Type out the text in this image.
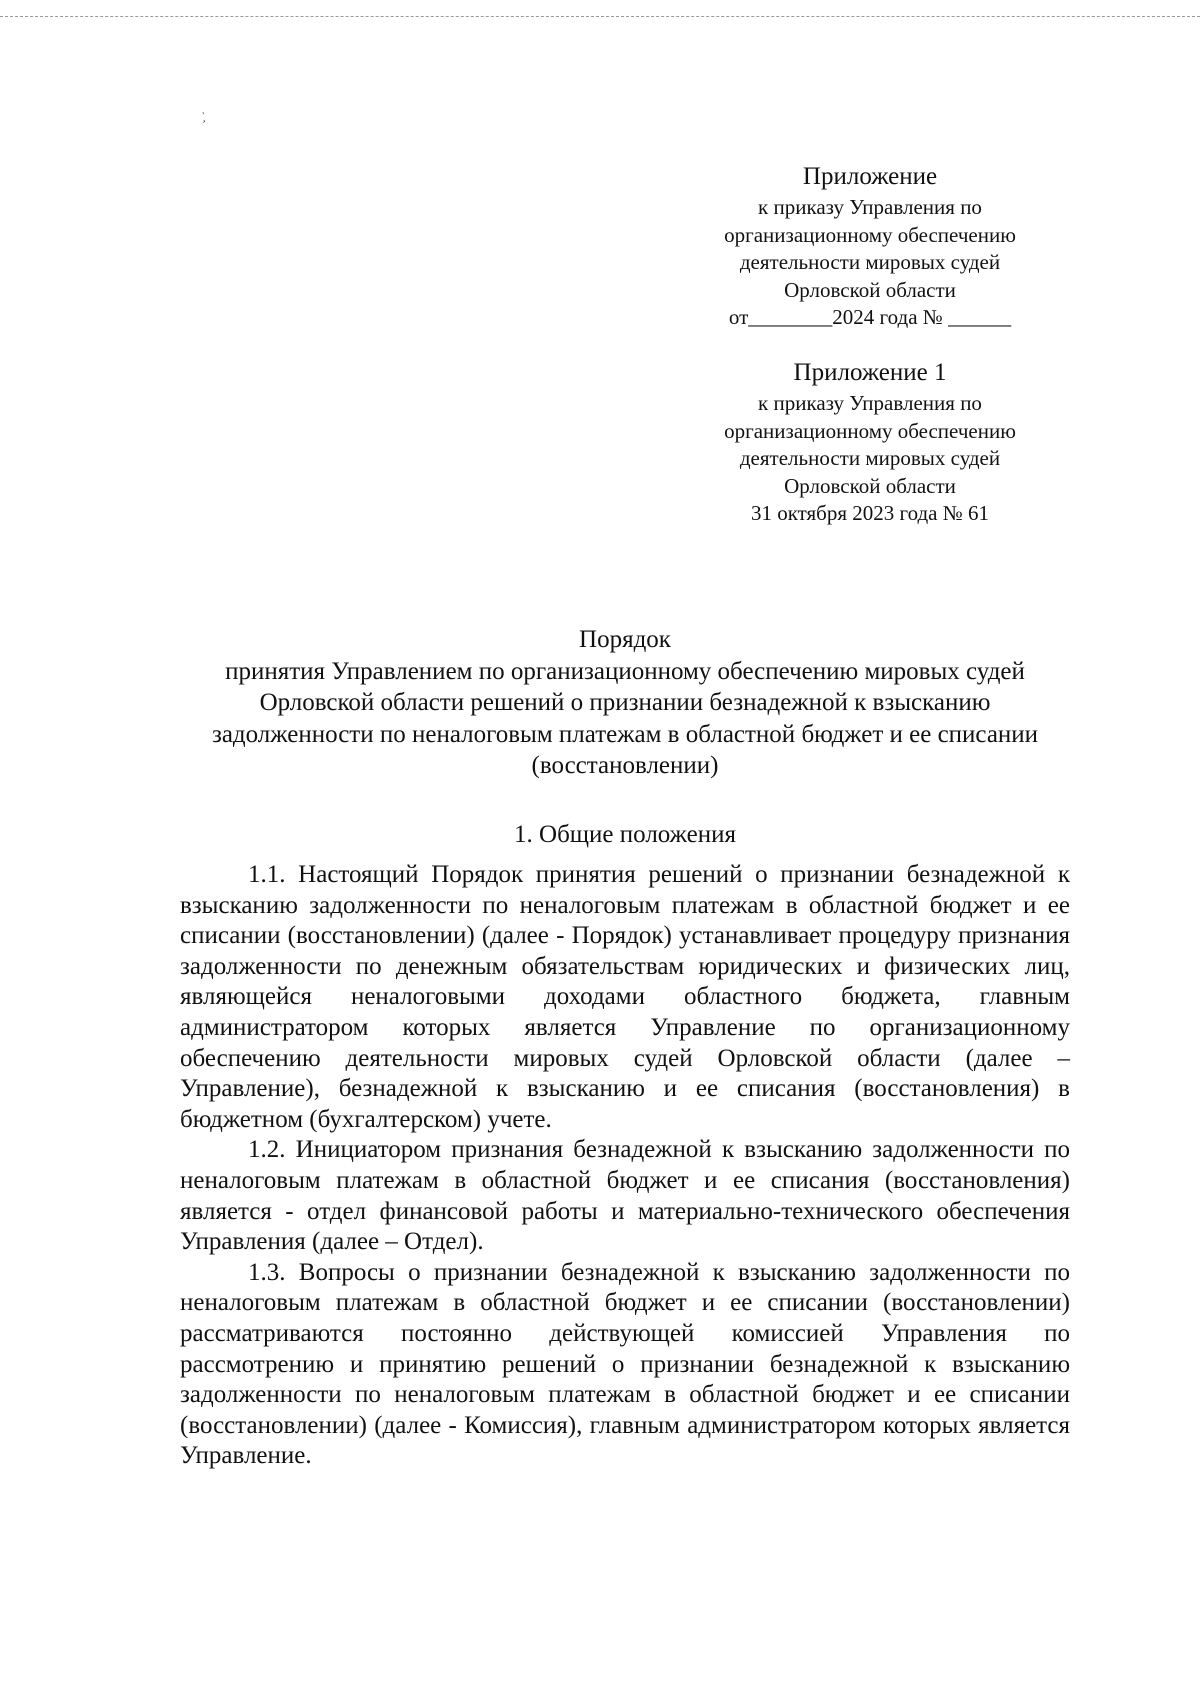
`,
Приложение
к приказу Управления по
организационному обеспечению
деятельности мировых судей
Орловской области
от________2024 года № ______
Приложение 1
к приказу Управления по
организационному обеспечению
деятельности мировых судей
Орловской области
31 октября 2023 года № 61
Порядок
принятия Управлением по организационному обеспечению мировых судей
Орловской области решений о признании безнадежной к взысканию
задолженности по неналоговым платежам в областной бюджет и ее списании
(восстановлении)
1. Общие положения

1.1. Настоящий Порядок принятия решений о признании безнадежной к взысканию задолженности по неналоговым платежам в областной бюджет и ее списании (восстановлении) (далее - Порядок) устанавливает процедуру признания задолженности по денежным обязательствам юридических и физических лиц, являющейся неналоговыми доходами областного бюджета, главным администратором которых является Управление по организационному обеспечению деятельности мировых судей Орловской области (далее – Управление), безнадежной к взысканию и ее списания (восстановления) в бюджетном (бухгалтерском) учете.

1.2. Инициатором признания безнадежной к взысканию задолженности по неналоговым платежам в областной бюджет и ее списания (восстановления) является - отдел финансовой работы и материально-технического обеспечения Управления (далее – Отдел).

1.3. Вопросы о признании безнадежной к взысканию задолженности по неналоговым платежам в областной бюджет и ее списании (восстановлении) рассматриваются постоянно действующей комиссией Управления по рассмотрению и принятию решений о признании безнадежной к взысканию задолженности по неналоговым платежам в областной бюджет и ее списании (восстановлении) (далее - Комиссия), главным администратором которых является Управление.
